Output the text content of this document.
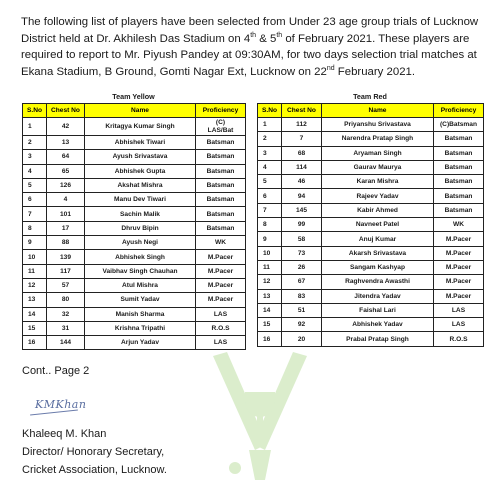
The following list of players have been selected from Under 23 age group trials of Lucknow District held at Dr. Akhilesh Das Stadium on 4th & 5th of February 2021. These players are required to report to Mr. Piyush Pandey at 09:30AM, for two days selection trial matches at Ekana Stadium, B Ground, Gomti Nagar Ext, Lucknow on 22nd February 2021.
Team Yellow	Team Red
S.No	Chest No	Name	Proficiency
1	42	Kritagya Kumar Singh	(C)
LAS/Bat
2	13	Abhishek Tiwari	Batsman
3	64	Ayush Srivastava	Batsman
4	65	Abhishek Gupta	Batsman
5	126	Akshat Mishra	Batsman
6	4	Manu Dev Tiwari	Batsman
7	101	Sachin Malik	Batsman
8	17	Dhruv Bipin	Batsman
9	88	Ayush Negi	WK
10	139	Abhishek Singh	M.Pacer
11	117	Vaibhav Singh Chauhan	M.Pacer
12	57	Atul Mishra	M.Pacer
13	80	Sumit Yadav	M.Pacer
14	32	Manish Sharma	LAS
15	31	Krishna Tripathi	R.O.S
16	144	Arjun Yadav	LAS
S.No	Chest No	Name	Proficiency
1	112	Priyanshu Srivastava	(C)Batsman
2	7	Narendra Pratap Singh	Batsman
3	68	Aryaman Singh	Batsman
4	114	Gaurav Maurya	Batsman
5	46	Karan Mishra	Batsman
6	94	Rajeev Yadav	Batsman
7	145	Kabir Ahmed	Batsman
8	99	Navneet Patel	WK
9	58	Anuj Kumar	M.Pacer
10	73	Akarsh Srivastava	M.Pacer
11	26	Sangam Kashyap	M.Pacer
12	67	Raghvendra Awasthi	M.Pacer
13	83	Jitendra Yadav	M.Pacer
14	51	Faishal Lari	LAS
15	92	Abhishek Yadav	LAS
16	20	Prabal Pratap Singh	R.O.S
Cont.. Page 2
KMKhan
Khaleeq M. Khan
Director/ Honorary Secretary,
Cricket Association, Lucknow.
